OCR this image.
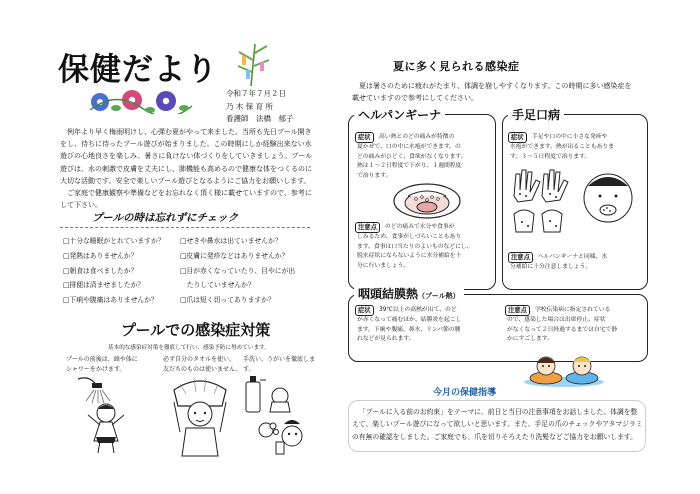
保健だより
令和７年７月２日
乃 木 保 育 所
看護師　法橋　郁子
例年より早く梅雨明けし、心弾む夏がやって来ました。当所も先日プール開きをし、待ちに待ったプール遊びが始まりました。この時期にしか経験出来ない水遊びの心地良さを楽しみ、暑さに負けない体づくりをしていきましょう。プール遊びは、水の刺激で皮膚を丈夫にし、肺機能も高めるので健康な体をつくるのに大切な活動です。安全で楽しいプール遊びとなるようにご協力をお願いします。
ご家庭で健康観察や準備などをお忘れなく頂く様に載せていますので、参考にして下さい。
プールの時は忘れずにチェック
□十分な睡眠がとれていますか？
□発熱はありませんか？
□朝食は食べましたか？
□排便は済ませましたか？
□下痢や腹痛はありませんか？
□せきや鼻水は出ていませんか？
□皮膚に発疹などはありませんか？
□目が赤くなっていたり、目やにが出
　たりしていませんか？
□爪は短く切ってありますか？
プールでの感染症対策
基本的な感染症対策を徹底して行い、感染予防に努めています。
プールの前後は、頭や体に
シャワーをかけます。
必ず自分のタオルを使い、
友だちのものは使いません。
手洗い、うがいを徹底します。
夏に多く見られる感染症
夏は暑さのために疲れがたまり、体調を崩しやすくなります。この時期に多い感染症を載せていますので参考にしてください。
ヘルパンギーナ
症状	高い熱とのどの痛みが特徴の
夏かぜで、口の中に水疱ができます。の
どの痛みがひどく、食欲がなくなります。
熱は１〜２日程度で下がり、１週間程度
で治ります。
注意点	のどの痛みで水分や食事が
しみるため、食事がしづらいこともあり
ます。食事は口当たりのよいものなどにし、
脱水症状にならないように水分補給を十
分に行いましょう。
手足口病
症状	手足や口の中に小さな発疹や
水疱ができます。熱が出ることもありま
す。３〜５日程度で治ります。
注意点	ヘルパンギーナと同様、水
分補給に十分注意しましょう。
咽頭結膜熱（プール熱）
症状	39℃以上の高熱が出て、のど
が赤くなって痛むほか、結膜炎を起こし
ます。下痢や腹痛、鼻水、リンパ節の腫
れなどが見られます。
注意点	学校伝染病に指定されている
ので、感染した場合は出席停止。症状
がなくなって２日経過するまでは自宅で静
かにすごします。
今月の保健指導
「プールに入る前のお約束」をテーマに、前日と当日の注意事項をお話しました。体調を整えて、楽しいプール遊びになって欲しいと思います。また、手足の爪のチェックやアタマジラミの有無の確認をしました。ご家庭でも、爪を切りそろえたり洗髪などご協力をお願いします。
